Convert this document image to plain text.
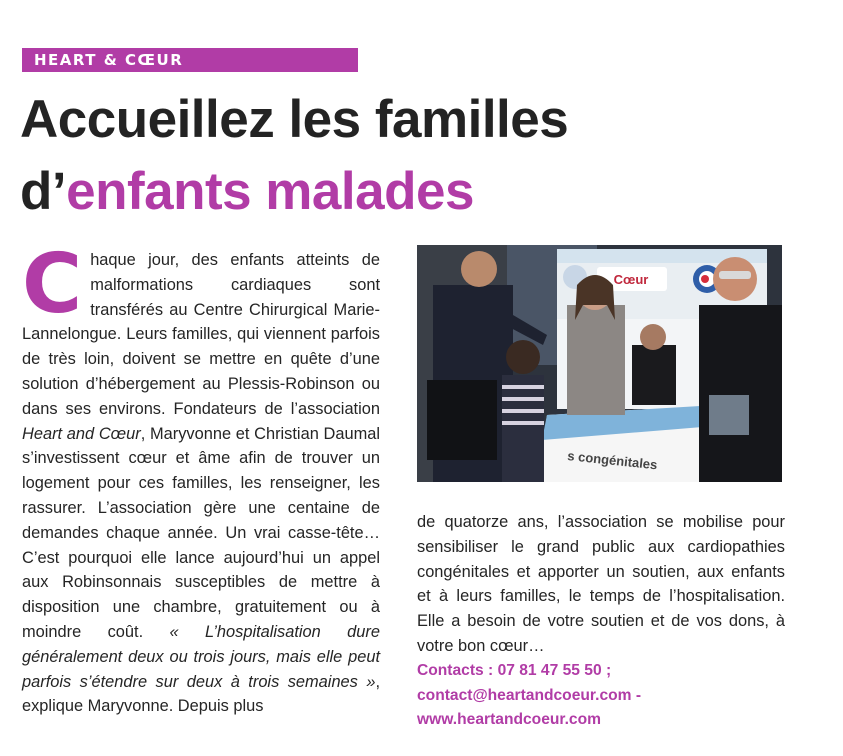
HEART & CŒUR
Accueillez les familles
d’enfants malades

Chaque jour, des enfants atteints de malformations cardiaques sont transférés au Centre Chirurgical Marie-Lannelongue. Leurs familles, qui viennent parfois de très loin, doivent se mettre en quête d’une solution d’hébergement au Plessis-Robinson ou dans ses environs. Fondateurs de l’association Heart and Cœur, Maryvonne et Christian Daumal s’investissent cœur et âme afin de trouver un logement pour ces familles, les renseigner, les rassurer. L’association gère une centaine de demandes chaque année. Un vrai casse-tête… C’est pourquoi elle lance aujourd’hui un appel aux Robinsonnais susceptibles de mettre à disposition une chambre, gratuitement ou à moindre coût. « L’hospitalisation dure généralement deux ou trois jours, mais elle peut parfois s’étendre sur deux à trois semaines », explique Maryvonne. Depuis plus

Cœur
s congénitales

de quatorze ans, l’association se mobilise pour sensibiliser le grand public aux cardiopathies congénitales et apporter un soutien, aux enfants et à leurs familles, le temps de l’hospitalisation. Elle a besoin de votre soutien et de vos dons, à votre bon cœur…

Contacts : 07 81 47 55 50 ;

contact@heartandcoeur.com -

www.heartandcoeur.com
